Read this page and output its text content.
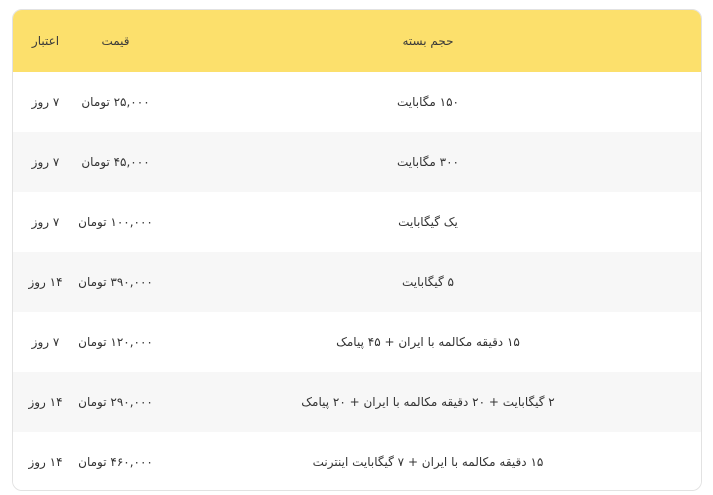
حجم بسته	قیمت	اعتبار
۱۵۰ مگابایت	۲۵,۰۰۰ تومان	۷ روز
۳۰۰ مگابایت	۴۵,۰۰۰ تومان	۷ روز
یک گیگابایت	۱۰۰,۰۰۰ تومان	۷ روز
۵ گیگابایت	۳۹۰,۰۰۰ تومان	۱۴ روز
۱۵ دقیقه مکالمه با ایران + ۴۵ پیامک	۱۲۰,۰۰۰ تومان	۷ روز
۲ گیگابایت + ۲۰ دقیقه مکالمه با ایران + ۲۰ پیامک	۲۹۰,۰۰۰ تومان	۱۴ روز
۱۵ دقیقه مکالمه با ایران + ۷ گیگابایت اینترنت	۴۶۰,۰۰۰ تومان	۱۴ روز
